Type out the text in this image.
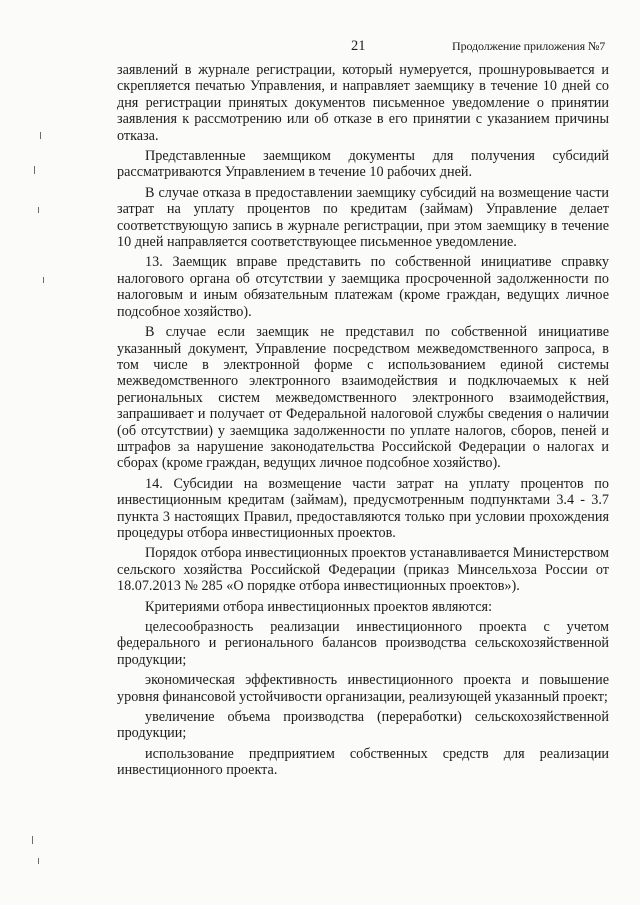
21	Продолжение приложения №7

заявлений в журнале регистрации, который нумеруется, прошнуровывается и скрепляется печатью Управления, и направляет заемщику в течение 10 дней со дня регистрации принятых документов письменное уведомление о принятии заявления к рассмотрению или об отказе в его принятии с указанием причины отказа.

Представленные заемщиком документы для получения субсидий рассматриваются Управлением в течение 10 рабочих дней.

В случае отказа в предоставлении заемщику субсидий на возмещение части затрат на уплату процентов по кредитам (займам) Управление делает соответствующую запись в журнале регистрации, при этом заемщику в течение 10 дней направляется соответствующее письменное уведомление.

13. Заемщик вправе представить по собственной инициативе справку налогового органа об отсутствии у заемщика просроченной задолженности по налоговым и иным обязательным платежам (кроме граждан, ведущих личное подсобное хозяйство).

В случае если заемщик не представил по собственной инициативе указанный документ, Управление посредством межведомственного запроса, в том числе в электронной форме с использованием единой системы межведомственного электронного взаимодействия и подключаемых к ней региональных систем межведомственного электронного взаимодействия, запрашивает и получает от Федеральной налоговой службы сведения о наличии (об отсутствии) у заемщика задолженности по уплате налогов, сборов, пеней и штрафов за нарушение законодательства Российской Федерации о налогах и сборах (кроме граждан, ведущих личное подсобное хозяйство).

14. Субсидии на возмещение части затрат на уплату процентов по инвестиционным кредитам (займам), предусмотренным подпунктами 3.4 - 3.7 пункта 3 настоящих Правил, предоставляются только при условии прохождения процедуры отбора инвестиционных проектов.

Порядок отбора инвестиционных проектов устанавливается Министерством сельского хозяйства Российской Федерации (приказ Минсельхоза России от 18.07.2013 № 285 «О порядке отбора инвестиционных проектов»).

Критериями отбора инвестиционных проектов являются:

целесообразность реализации инвестиционного проекта с учетом федерального и регионального балансов производства сельскохозяйственной продукции;

экономическая эффективность инвестиционного проекта и повышение уровня финансовой устойчивости организации, реализующей указанный проект;

увеличение объема производства (переработки) сельскохозяйственной продукции;

использование предприятием собственных средств для реализации инвестиционного проекта.
